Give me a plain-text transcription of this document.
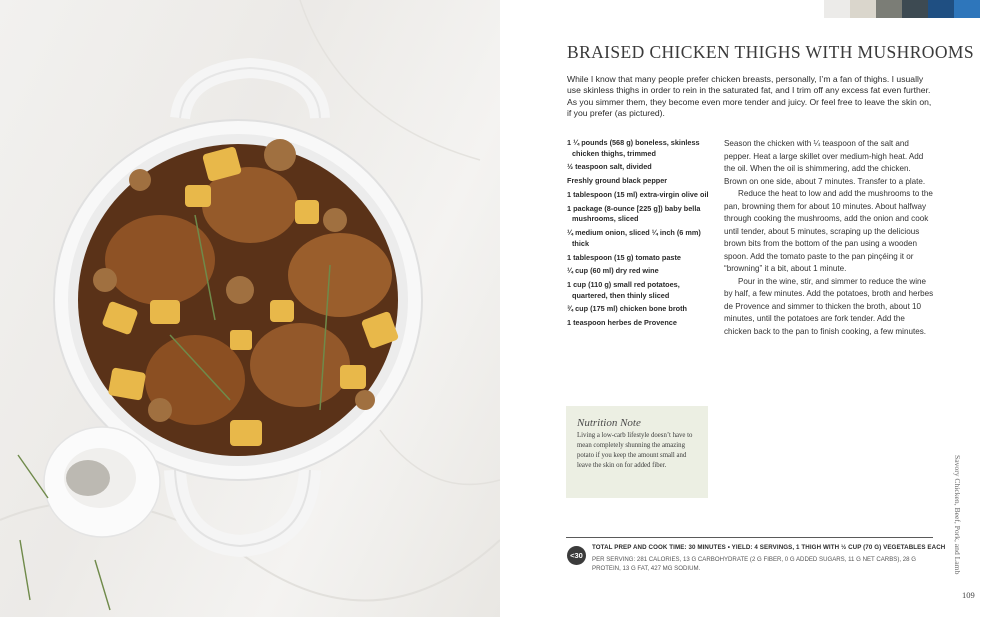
BRAISED CHICKEN THIGHS WITH MUSHROOMS
While I know that many people prefer chicken breasts, personally, I’m a fan of thighs. I usually use skinless thighs in order to rein in the saturated fat, and I trim off any excess fat even further. As you simmer them, they become even more tender and juicy. Or feel free to leave the skin on, if you prefer (as pictured).
1 ¼ pounds (568 g) boneless, skinless chicken thighs, trimmed
½ teaspoon salt, divided
Freshly ground black pepper
1 tablespoon (15 ml) extra-virgin olive oil
1 package (8-ounce [225 g]) baby bella mushrooms, sliced
¼ medium onion, sliced ¼ inch (6 mm) thick
1 tablespoon (15 g) tomato paste
¼ cup (60 ml) dry red wine
1 cup (110 g) small red potatoes, quartered, then thinly sliced
¾ cup (175 ml) chicken bone broth
1 teaspoon herbes de Provence

Season the chicken with ¼ teaspoon of the salt and pepper. Heat a large skillet over medium-high heat. Add the oil. When the oil is shimmering, add the chicken. Brown on one side, about 7 minutes. Transfer to a plate.

Reduce the heat to low and add the mushrooms to the pan, browning them for about 10 minutes. About halfway through cooking the mushrooms, add the onion and cook until tender, about 5 minutes, scraping up the delicious brown bits from the bottom of the pan using a wooden spoon. Add the tomato paste to the pan pinçéing it or “browning” it a bit, about 1 minute.

Pour in the wine, stir, and simmer to reduce the wine by half, a few minutes. Add the potatoes, broth and herbes de Provence and simmer to thicken the broth, about 10 minutes, until the potatoes are fork tender. Add the chicken back to the pan to finish cooking, a few minutes.

Nutrition Note
Living a low-carb lifestyle doesn’t have to mean completely shunning the amazing potato if you keep the amount small and leave the skin on for added fiber.
<30
TOTAL PREP AND COOK TIME: 30 MINUTES • YIELD: 4 SERVINGS, 1 THIGH WITH ½ CUP (70 G) VEGETABLES EACH
PER SERVING: 281 CALORIES, 13 G CARBOHYDRATE (2 G FIBER, 0 G ADDED SUGARS, 11 G NET CARBS), 28 G PROTEIN, 13 G FAT, 427 MG SODIUM.	Savory Chicken, Beef, Pork, and Lamb
109
